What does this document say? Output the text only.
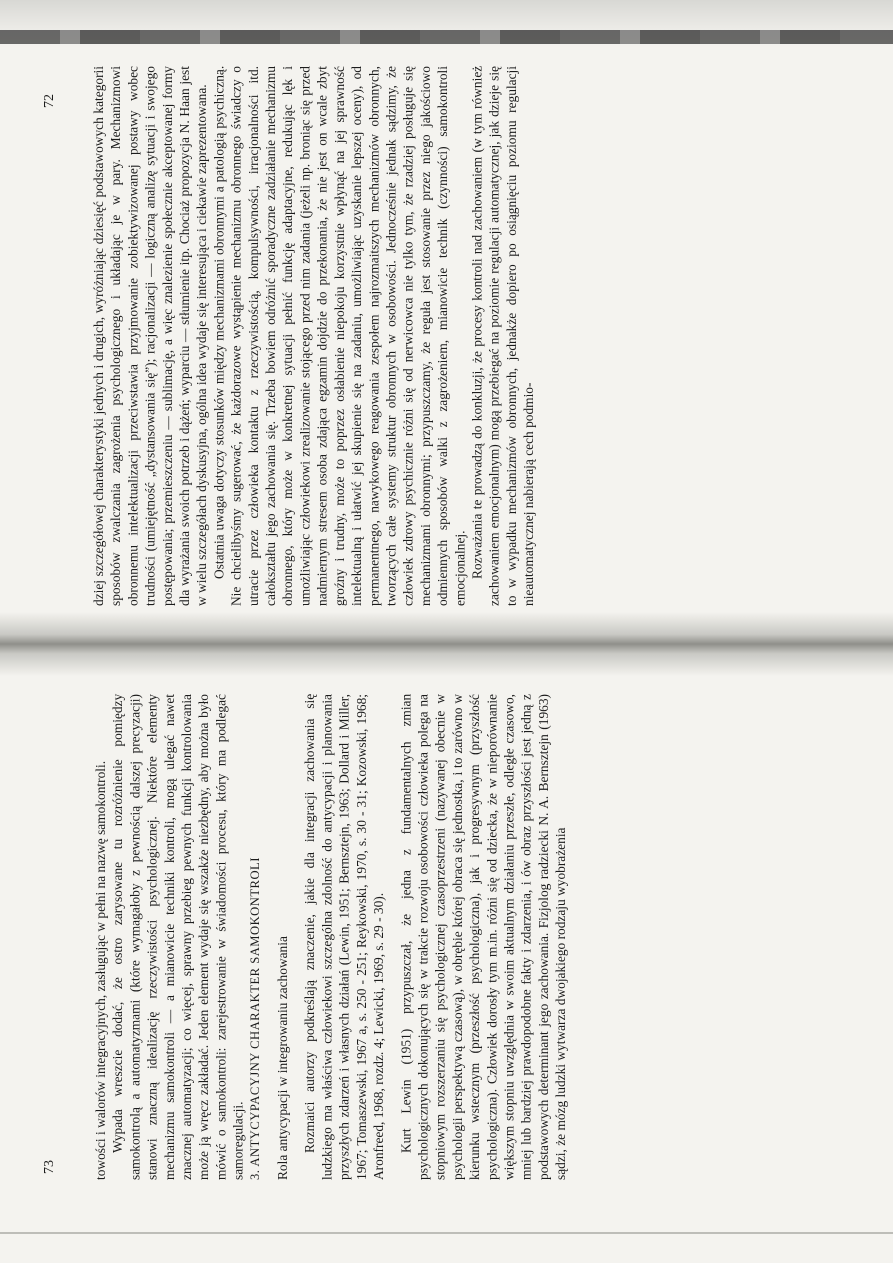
72	dziej szczegółowej charakterystyki jednych i drugich, wyróżniając dziesięć podstawowych kategorii sposobów zwalczania zagrożenia psychologicznego i układając je w pary. Mechanizmowi obronnemu intelektualizacji przeciwstawia przyjmowanie zobiektywizowanej postawy wobec trudności (umiejętność „dystansowania się”); racjonalizacji — logiczną analizę sytuacji i swojego postępowania; przemieszczeniu — sublimację, a więc znalezienie społecznie akceptowanej formy dla wyrażania swoich potrzeb i dążeń; wyparciu — stłumienie itp. Chociaż propozycja N. Haan jest w wielu szczegółach dyskusyjna, ogólna idea wydaje się interesująca i ciekawie zaprezentowana. Ostatnia uwaga dotyczy stosunków między mechanizmami obronnymi a patologią psychiczną. Nie chcielibyśmy sugerować, że każdorazowe wystąpienie mechanizmu obronnego świadczy o utracie przez człowieka kontaktu z rzeczywistością, kompulsywności, irracjonalności itd. całokształtu jego zachowania się. Trzeba bowiem odróżnić sporadyczne zadziałanie mechanizmu obronnego, który może w konkretnej sytuacji pełnić funkcję adaptacyjne, redukując lęk i umożliwiając człowiekowi zrealizowanie stojącego przed nim zadania (jeżeli np. broniąc się przed nadmiernym stresem osoba zdająca egzamin dojdzie do przekonania, że nie jest on wcale zbyt groźny i trudny, może to poprzez osłabienie niepokoju korzystnie wpłynąć na jej sprawność intelektualną i ułatwić jej skupienie się na zadaniu, umożliwiając uzyskanie lepszej oceny), od permanentnego, nawykowego reagowania zespołem najrozmaitszych mechanizmów obronnych, tworzących całe systemy struktur obronnych w osobowości. Jednocześnie jednak sądzimy, że człowiek zdrowy psychicznie różni się od nerwicowca nie tylko tym, że rzadziej posługuje się mechanizmami obronnymi; przypuszczamy, że reguła jest stosowanie przez niego jakościowo odmiennych sposobów walki z zagrożeniem, mianowicie technik (czynności) samokontroli emocjonalnej. Rozważania te prowadzą do konkluzji, że procesy kontroli nad zachowaniem (w tym również zachowaniem emocjonalnym) mogą przebiegać na poziomie regulacji automatycznej, jak dzieje się to w wypadku mechanizmów obronnych, jednakże dopiero po osiągnięciu poziomu regulacji nieautomatycznej nabierają cech podmio-

73	towości i walorów integracyjnych, zasługując w pełni na nazwę samokontroli. Wypada wreszcie dodać, że ostro zarysowane tu rozróżnienie pomiędzy samokontrolą a automatyzmami (które wymagałoby z pewnością dalszej precyzacji) stanowi znaczną idealizację rzeczywistości psychologicznej. Niektóre elementy mechanizmu samokontroli — a mianowicie techniki kontroli, mogą ulegać nawet znacznej automatyzacji; co więcej, sprawny przebieg pewnych funkcji kontrolowania może ją wręcz zakładać. Jeden element wydaje się wszakże niezbędny, aby można było mówić o samokontroli: zarejestrowanie w świadomości procesu, który ma podlegać samoregulacji. 3. ANTYCYPACYJNY CHARAKTER SAMOKONTROLI Rola antycypacji w integrowaniu zachowania Rozmaici autorzy podkreślają znaczenie, jakie dla integracji zachowania się ludzkiego ma właściwa człowiekowi szczególna zdolność do antycypacji i planowania przyszłych zdarzeń i własnych działań (Lewin, 1951; Bernsztejn, 1963; Dollard i Miller, 1967; Tomaszewski, 1967 a, s. 250 - 251; Reykowski, 1970, s. 30 - 31; Kozowski, 1968; Aronfreed, 1968, rozdz. 4; Lewicki, 1969, s. 29 - 30). Kurt Lewin (1951) przypuszczał, że jedna z fundamentalnych zmian psychologicznych dokonujących się w trakcie rozwoju osobowości człowieka polega na stopniowym rozszerzaniu się psychologicznej czasoprzestrzeni (nazywanej obecnie w psychologii perspektywą czasową), w obrębie której obraca się jednostka, i to zarówno w kierunku wstecznym (przeszłość psychologiczna), jak i progresywnym (przyszłość psychologiczna). Człowiek dorosły tym m.in. różni się od dziecka, że w nieporównanie większym stopniu uwzględnia w swoim aktualnym działaniu przeszłe, odległe czasowo, mniej lub bardziej prawdopodobne fakty i zdarzenia, i ów obraz przyszłości jest jedną z podstawowych determinant jego zachowania. Fizjolog radziecki N. A. Bernsztejn (1963) sądzi, że mózg ludzki wytwarza dwojakiego rodzaju wyobrażenia
